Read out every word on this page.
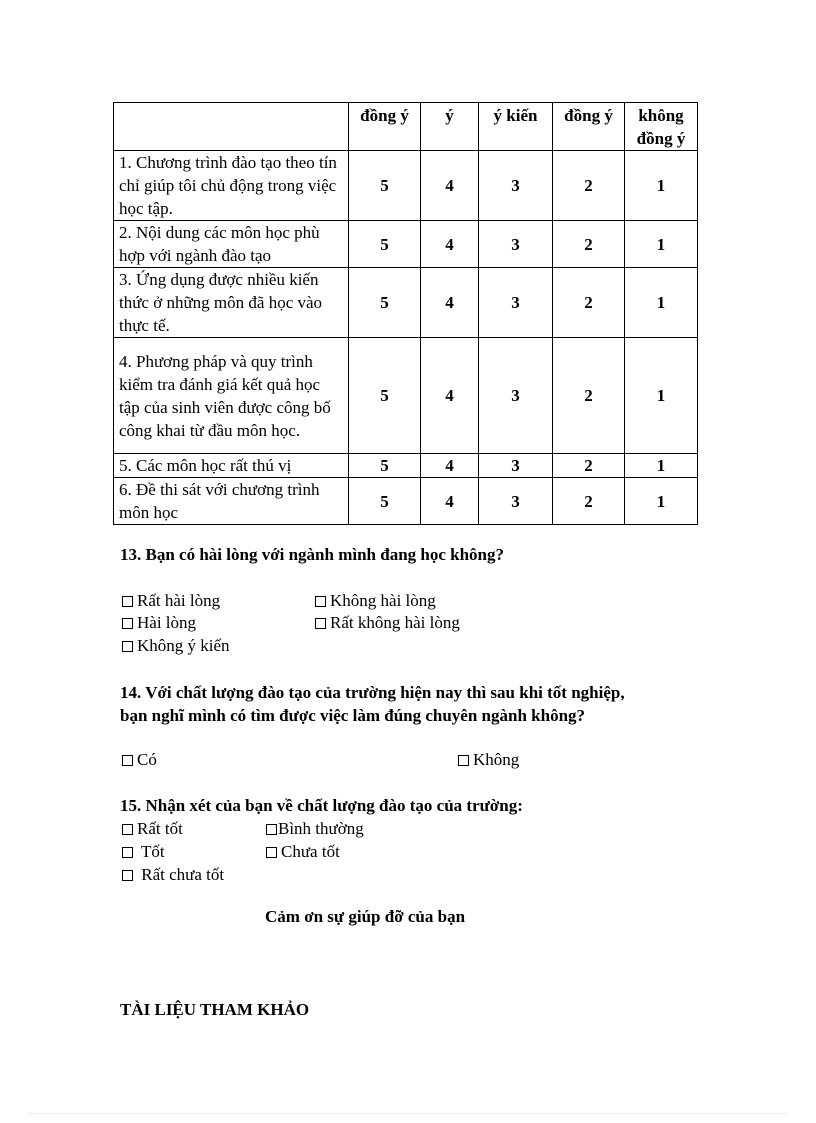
	đồng ý	ý	ý kiến	đồng ý	không đồng ý
1. Chương trình đào tạo theo tín chỉ giúp tôi chủ động trong việc học tập.	5	4	3	2	1
2. Nội dung các môn học phù hợp với ngành đào tạo	5	4	3	2	1
3. Ứng dụng được nhiều kiến thức ở những môn đã học vào thực tế.	5	4	3	2	1
4. Phương pháp và quy trình kiểm tra đánh giá kết quả học tập của sinh viên được công bố công khai từ đầu môn học.	5	4	3	2	1
5. Các môn học rất thú vị	5	4	3	2	1
6. Đề thi sát với chương trình môn học	5	4	3	2	1
13. Bạn có hài lòng với ngành mình đang học không?
Rất hài lòng
Hài lòng
Không ý kiến
Không hài lòng
Rất không hài lòng
14. Với chất lượng đào tạo của trường hiện nay thì sau khi tốt nghiệp,
bạn nghĩ mình có tìm được việc làm đúng chuyên ngành không?
Có	Không
15. Nhận xét của bạn về chất lượng đào tạo của trường:
Rất tốt
Tốt
Rất chưa tốt
Bình thường
Chưa tốt
Cảm ơn sự giúp đỡ của bạn
TÀI LIỆU THAM KHẢO
